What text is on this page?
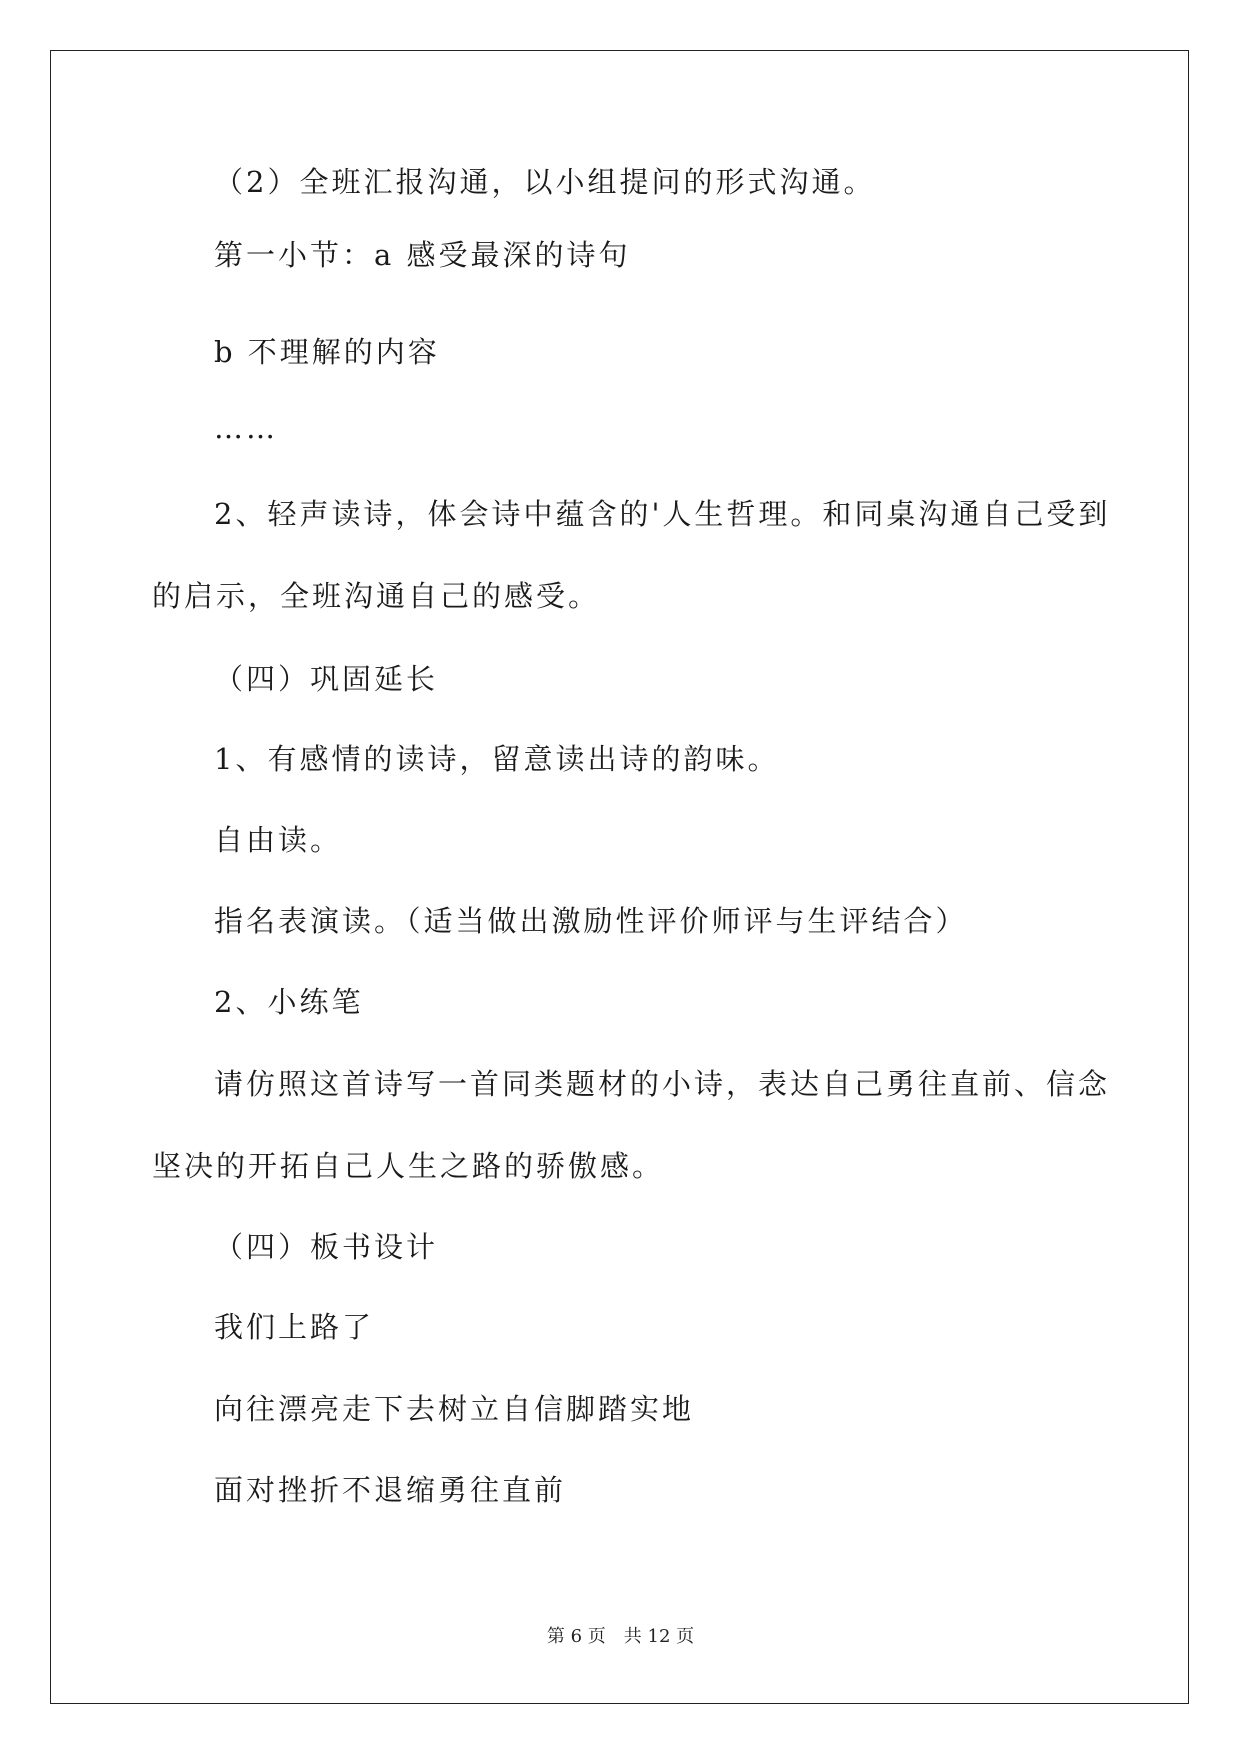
（2）全班汇报沟通，以小组提问的形式沟通。
第一小节：a 感受最深的诗句
b 不理解的内容
……
2、轻声读诗，体会诗中蕴含的'人生哲理。和同桌沟通自己受到
的启示，全班沟通自己的感受。
（四）巩固延长
1、有感情的读诗，留意读出诗的韵味。
自由读。
指名表演读。（适当做出激励性评价师评与生评结合）
2、小练笔
请仿照这首诗写一首同类题材的小诗，表达自己勇往直前、信念
坚决的开拓自己人生之路的骄傲感。
（四）板书设计
我们上路了
向往漂亮走下去树立自信脚踏实地
面对挫折不退缩勇往直前
第 6 页　共 12 页
